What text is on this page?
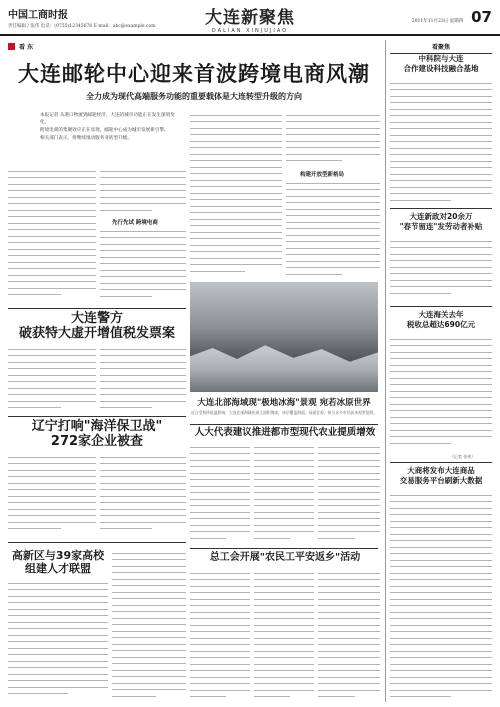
中国工商时报
责任编辑 / 张伟 电话：(0755)12345678 E-mail：abc@example.com	大连新聚焦
DALIAN XINJUJIAO
2011年11月23日 星期四 07
看 东
大连邮轮中心迎来首波跨境电商风潮
全力成为现代高端服务功能的重要载体是大连转型升级的方向

本报记者 从港口物流到邮轮经济，大连的城市功能正在发生深刻变化。

跨境电商的集聚效应正在显现，邮轮中心成为城市发展新引擎。

相关部门表示，将继续推动服务业转型升级。

先行先试 跨境电商
构建开放型新格局
大连警方
破获特大虚开增值税发票案
辽宁打响"海洋保卫战"
272家企业被查
高新区与39家高校
组建人才联盟
大连北部海域现"极地冰海"景观 宛若冰原世界
近日受持续低温影响，大连北部海域出现大面积海冰，冰层覆盖海面，场面壮观，吸引众多市民前来观赏拍照。
人大代表建议推进都市型现代农业提质增效
总工会开展"农民工平安返乡"活动
看聚焦
中科院与大连
合作建设科技融合基地
大连新政对20余万
"春节留连"发劳动者补贴
大连海关去年
税收总超达690亿元
（记者 张伟）
大商将发布大连商品
交易服务平台刷新大数据
